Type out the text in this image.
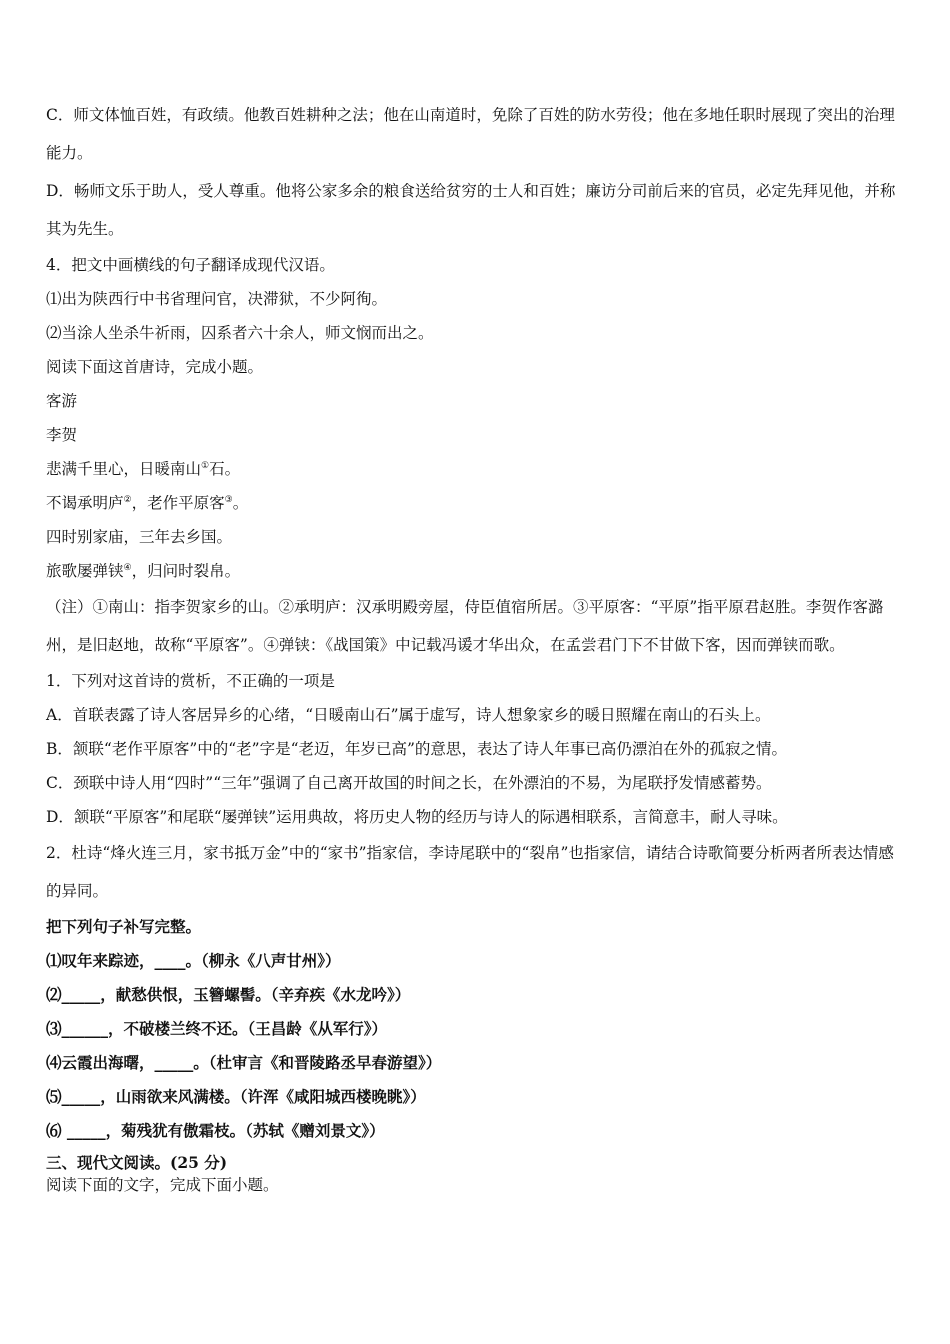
C．师文体恤百姓，有政绩。他教百姓耕种之法；他在山南道时，免除了百姓的防水劳役；他在多地任职时展现了突出的治理能力。

D．畅师文乐于助人，受人尊重。他将公家多余的粮食送给贫穷的士人和百姓；廉访分司前后来的官员，必定先拜见他，并称其为先生。

4．把文中画横线的句子翻译成现代汉语。

⑴出为陕西行中书省理问官，决滞狱，不少阿徇。

⑵当涂人坐杀牛祈雨，囚系者六十余人，师文悯而出之。

阅读下面这首唐诗，完成小题。

客游

李贺

悲满千里心，日暖南山①石。

不谒承明庐②，老作平原客③。

四时别家庙，三年去乡国。

旅歌屡弹铗④，归问时裂帛。

（注）①南山：指李贺家乡的山。②承明庐：汉承明殿旁屋，侍臣值宿所居。③平原客：“平原”指平原君赵胜。李贺作客潞州，是旧赵地，故称“平原客”。④弹铗：《战国策》中记载冯谖才华出众，在孟尝君门下不甘做下客，因而弹铗而歌。

1．下列对这首诗的赏析，不正确的一项是

A．首联表露了诗人客居异乡的心绪，“日暖南山石”属于虚写，诗人想象家乡的暖日照耀在南山的石头上。

B．颔联“老作平原客”中的“老”字是“老迈，年岁已高”的意思，表达了诗人年事已高仍漂泊在外的孤寂之情。

C．颈联中诗人用“四时”“三年”强调了自己离开故国的时间之长，在外漂泊的不易，为尾联抒发情感蓄势。

D．颔联“平原客”和尾联“屡弹铗”运用典故，将历史人物的经历与诗人的际遇相联系，言简意丰，耐人寻味。

2．杜诗“烽火连三月，家书抵万金”中的“家书”指家信，李诗尾联中的“裂帛”也指家信，请结合诗歌简要分析两者所表达情感的异同。

把下列句子补写完整。

⑴叹年来踪迹，____。（柳永《八声甘州》）

⑵_____，献愁供恨，玉簪螺髻。（辛弃疾《水龙吟》）

⑶______，不破楼兰终不还。（王昌龄《从军行》）

⑷云霞出海曙，_____。（杜审言《和晋陵路丞早春游望》）

⑸_____，山雨欲来风满楼。（许浑《咸阳城西楼晚眺》）

⑹ _____，菊残犹有傲霜枝。（苏轼《赠刘景文》）

三、现代文阅读。(25 分)

阅读下面的文字，完成下面小题。
